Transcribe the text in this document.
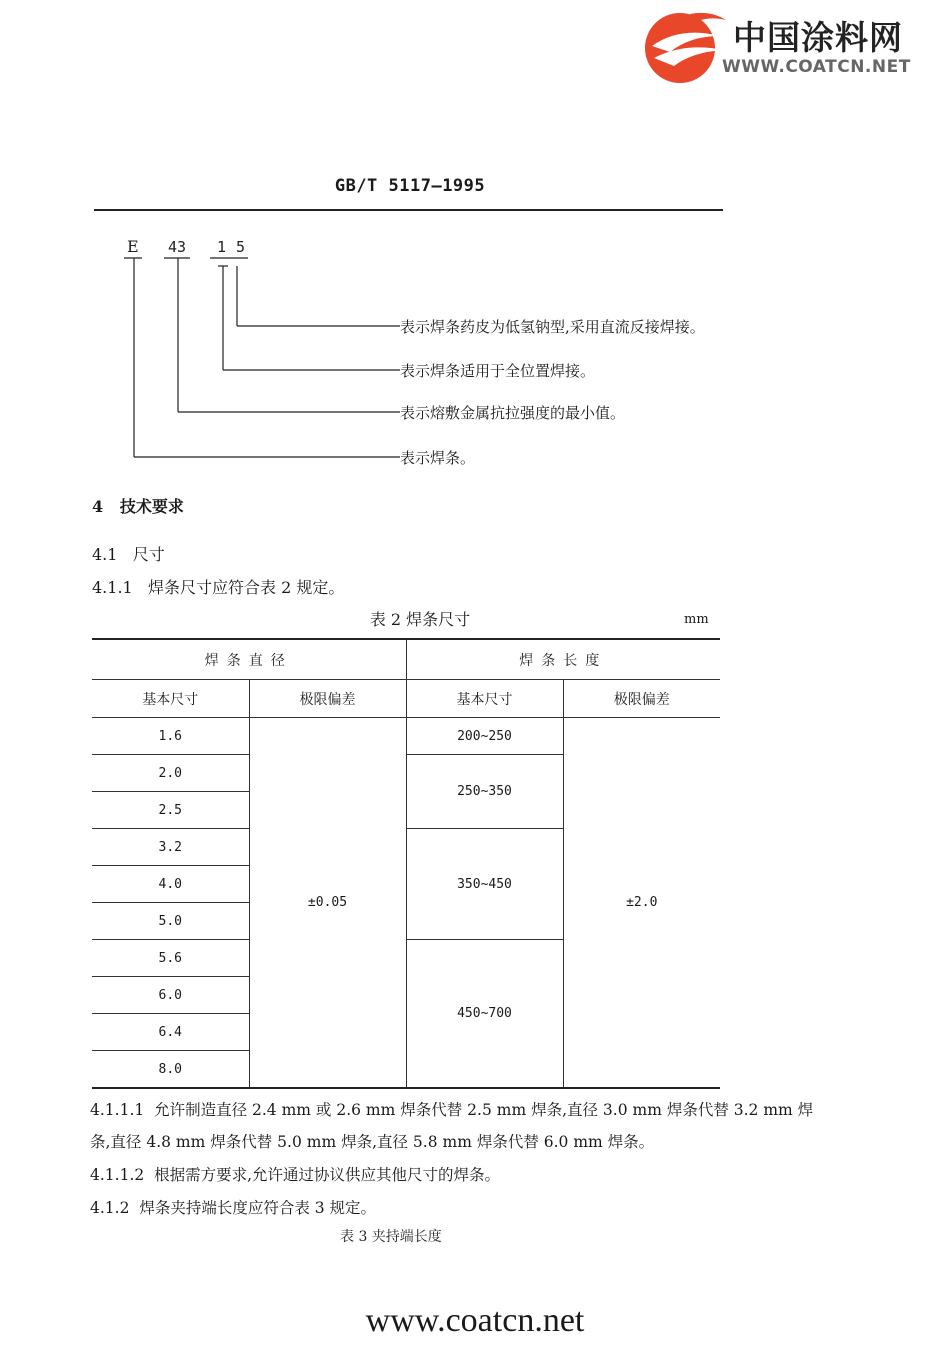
中国涂料网
WWW.COATCN.NET
GB/T 5117—1995
E 43 1 5
表示焊条药皮为低氢钠型,采用直流反接焊接。
表示焊条适用于全位置焊接。
表示熔敷金属抗拉强度的最小值。
表示焊条。
4 技术要求
4.1 尺寸
4.1.1 焊条尺寸应符合表 2 规定。
表 2 焊条尺寸	mm
焊条直径		焊条长度	
基本尺寸	极限偏差	基本尺寸	极限偏差
1.6	±0.05	200~250	±2.0
2.0		250~350	
2.5			
3.2		350~450	
4.0			
5.0			
5.6		450~700	
6.0			
6.4			
8.0			
4.1.1.1 允许制造直径 2.4 mm 或 2.6 mm 焊条代替 2.5 mm 焊条,直径 3.0 mm 焊条代替 3.2 mm 焊
条,直径 4.8 mm 焊条代替 5.0 mm 焊条,直径 5.8 mm 焊条代替 6.0 mm 焊条。
4.1.1.2 根据需方要求,允许通过协议供应其他尺寸的焊条。
4.1.2 焊条夹持端长度应符合表 3 规定。
表 3 夹持端长度
www.coatcn.net
